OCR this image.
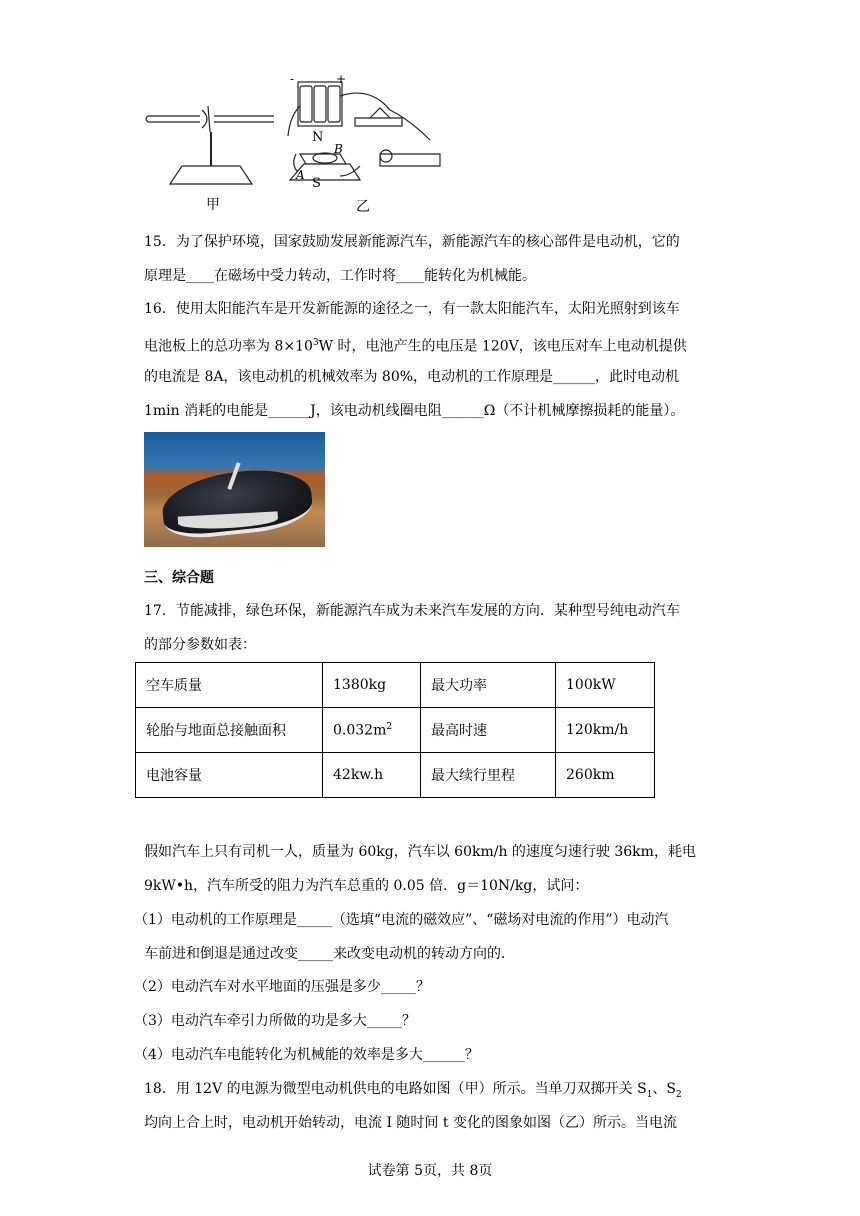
甲	乙
N
S
A
B
-	+
15．为了保护环境，国家鼓励发展新能源汽车，新能源汽车的核心部件是电动机，它的
原理是____在磁场中受力转动，工作时将____能转化为机械能。
16．使用太阳能汽车是开发新能源的途径之一，有一款太阳能汽车，太阳光照射到该车
电池板上的总功率为 $8\times 10^3W$ 时，电池产生的电压是 120V，该电压对车上电动机提供
的电流是 8A，该电动机的机械效率为 80%，电动机的工作原理是______，此时电动机
1min 消耗的电能是______J，该电动机线圈电阻______Ω（不计机械摩擦损耗的能量）。
三、综合题
17．节能减排，绿色环保，新能源汽车成为未来汽车发展的方向．某种型号纯电动汽车
的部分参数如表：
空车质量	1380kg	最大功率	100kW
轮胎与地面总接触面积	$0.032m^2$	最高时速	120km/h
电池容量	42kw.h	最大续行里程	260km
假如汽车上只有司机一人，质量为 60kg，汽车以 60km/h 的速度匀速行驶 36km，耗电
9kW•h，汽车所受的阻力为汽车总重的 0.05 倍．g＝10N/kg，试问：
（1）电动机的工作原理是_____（选填“电流的磁效应”、“磁场对电流的作用”）电动汽
车前进和倒退是通过改变_____来改变电动机的转动方向的．
（2）电动汽车对水平地面的压强是多少_____？
（3）电动汽车牵引力所做的功是多大_____？
（4）电动汽车电能转化为机械能的效率是多大______？
18．用 12V 的电源为微型电动机供电的电路如图（甲）所示。当单刀双掷开关 $S_1$、$S_2$
均向上合上时，电动机开始转动，电流 I 随时间 t 变化的图象如图（乙）所示。当电流
试卷第 5页，共 8页
